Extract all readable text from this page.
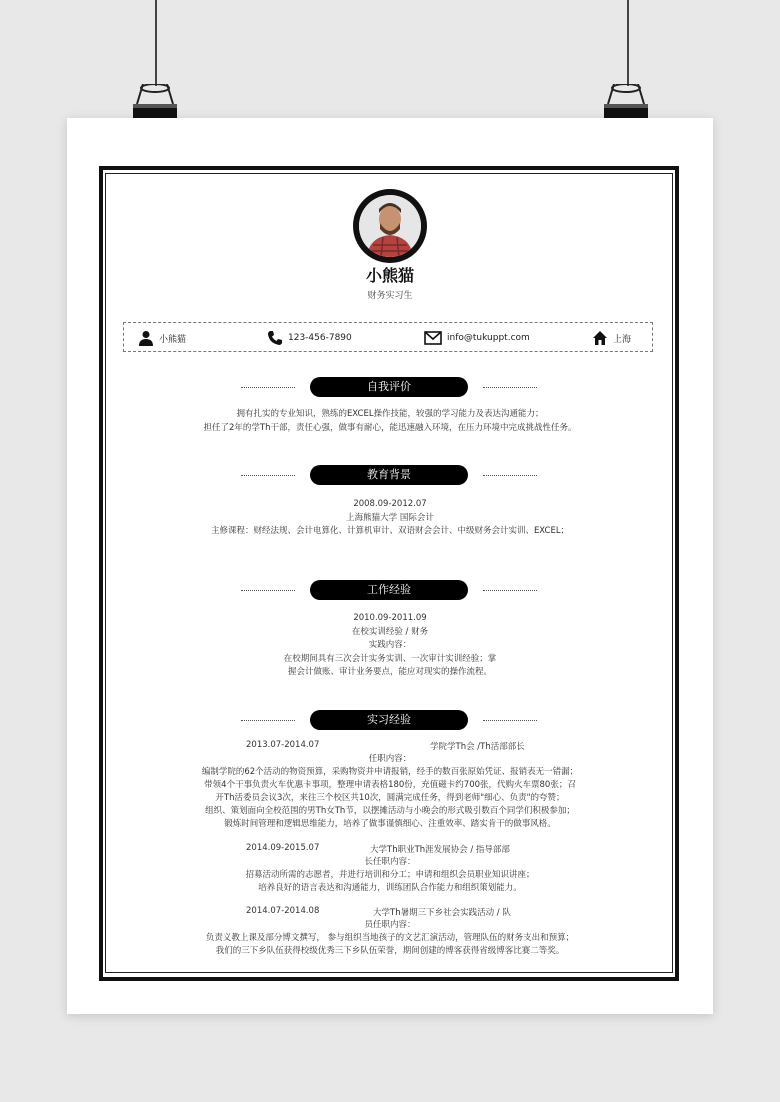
小熊猫
财务实习生
小熊猫	123-456-7890	info@tukuppt.com	上海
自我评价
拥有扎实的专业知识，熟练的EXCEL操作技能，较强的学习能力及表达沟通能力；
担任了2年的学Th干部，责任心强，做事有耐心，能迅速融入环境，在压力环境中完成挑战性任务。
教育背景
2008.09-2012.07
上海熊猫大学 国际会计
主修课程：财经法规、会计电算化、计算机审计、双语财会会计、中级财务会计实训、EXCEL；
工作经验
2010.09-2011.09
在校实训经验 / 财务
实践内容：
在校期间具有三次会计实务实训、一次审计实训经验；掌
握会计做账、审计业务要点，能应对现实的操作流程。
实习经验
2013.07-2014.07	学院学Th会 /Th活部部长
任职内容：
编制学院的62个活动的物资预算，采购物资并申请报销，经手的数百张原始凭证、报销表无一错漏；
带领4个干事负责火车优惠卡事项，整理申请表格180份，充值磁卡约700张，代购火车票80张；召
开Th活委员会议3次，来往三个校区共10次，圆满完成任务，得到老师"细心、负责"的夸赞；
组织、策划面向全校范围的男Th女Th节，以摆摊活动与小晚会的形式吸引数百个同学们积极参加；
锻炼时间管理和逻辑思维能力，培养了做事谨慎细心、注重效率、踏实肯干的做事风格。
2014.09-2015.07	大学Th职业Th涯发展协会 / 指导部部
长任职内容：
招募活动所需的志愿者，并进行培训和分工；申请和组织会员职业知识讲座；
培养良好的语言表达和沟通能力，训练团队合作能力和组织策划能力。
2014.07-2014.08	大学Th暑期三下乡社会实践活动 / 队
员任职内容：
负责义教上课及部分博文撰写， 参与组织当地孩子的文艺汇演活动，管理队伍的财务支出和预算；
我们的三下乡队伍获得校级优秀三下乡队伍荣誉，期间创建的博客获得省级博客比赛二等奖。
